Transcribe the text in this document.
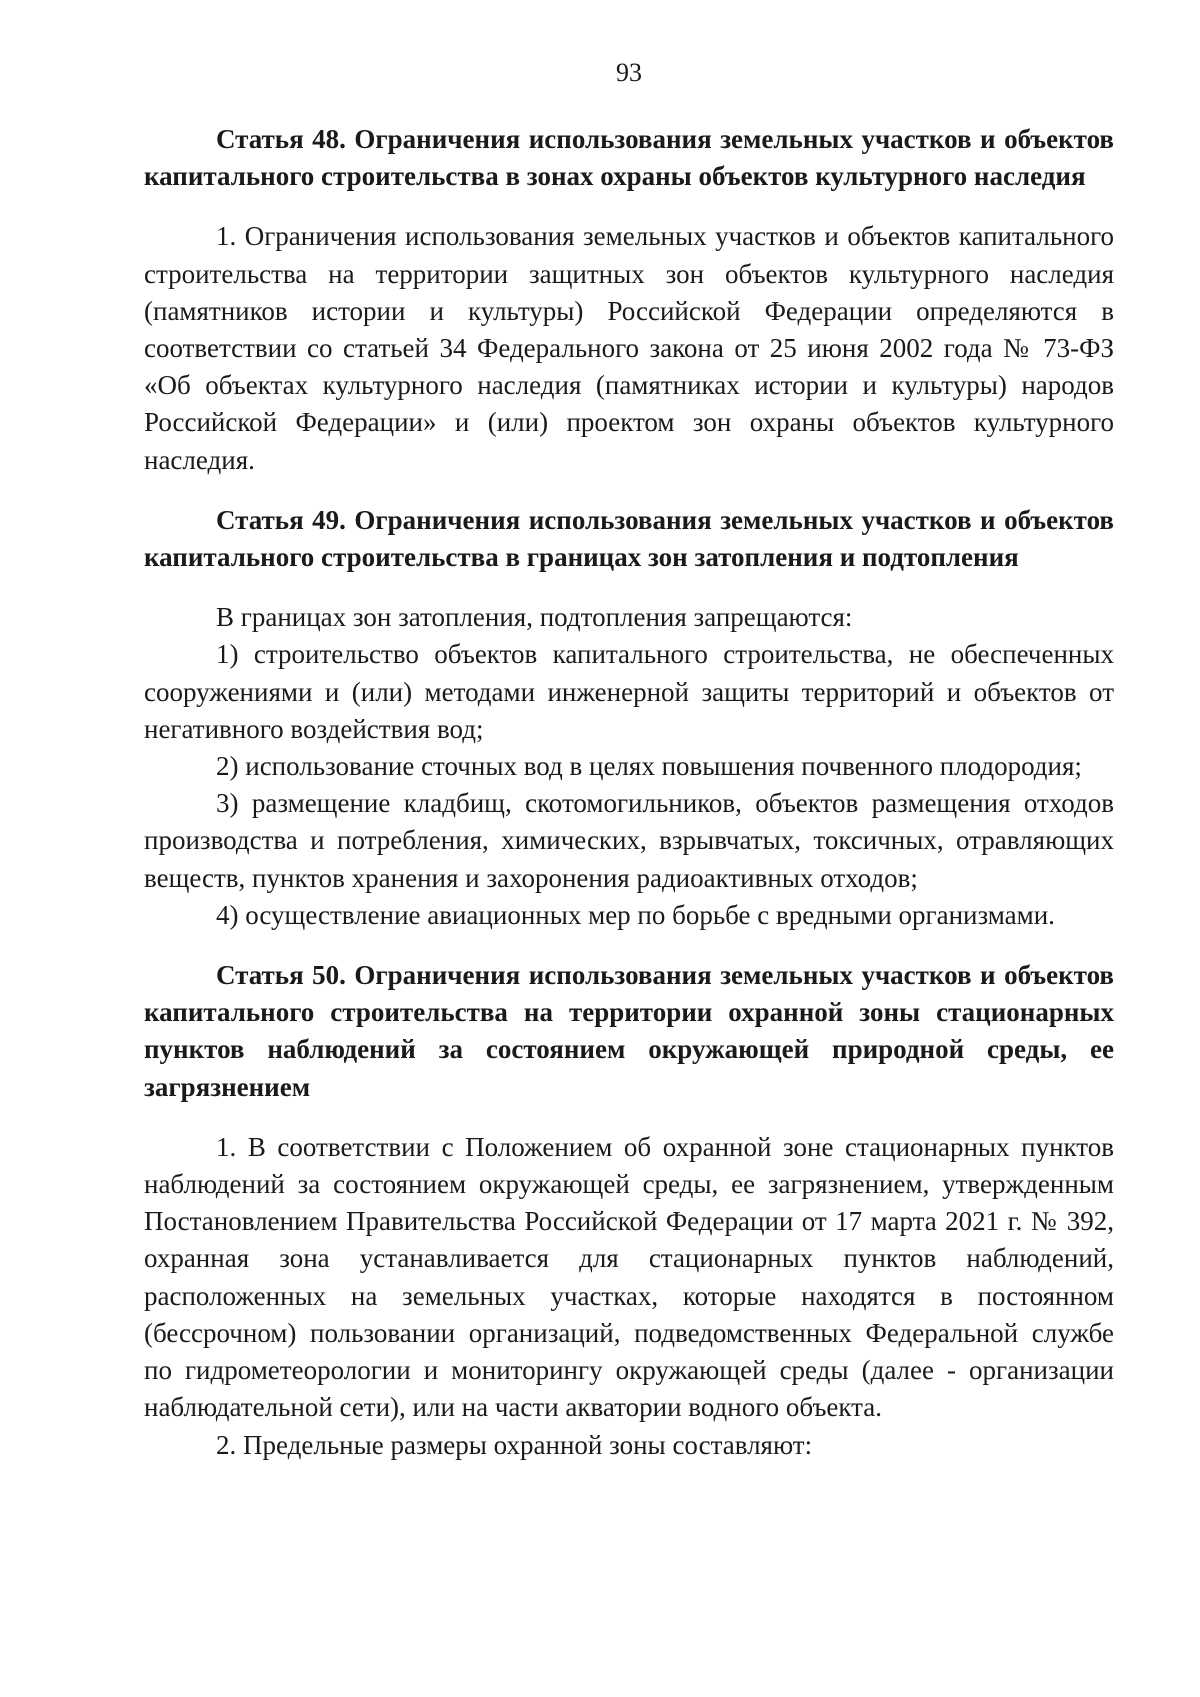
93

Статья 48. Ограничения использования земельных участков и объектов капитального строительства в зонах охраны объектов культурного наследия

1. Ограничения использования земельных участков и объектов капитального строительства на территории защитных зон объектов культурного наследия (памятников истории и культуры) Российской Федерации определяются в соответствии со статьей 34 Федерального закона от 25 июня 2002 года № 73-ФЗ «Об объектах культурного наследия (памятниках истории и культуры) народов Российской Федерации» и (или) проектом зон охраны объектов культурного наследия.

Статья 49. Ограничения использования земельных участков и объектов капитального строительства в границах зон затопления и подтопления

В границах зон затопления, подтопления запрещаются:

1) строительство объектов капитального строительства, не обеспеченных сооружениями и (или) методами инженерной защиты территорий и объектов от негативного воздействия вод;

2) использование сточных вод в целях повышения почвенного плодородия;

3) размещение кладбищ, скотомогильников, объектов размещения отходов производства и потребления, химических, взрывчатых, токсичных, отравляющих веществ, пунктов хранения и захоронения радиоактивных отходов;

4) осуществление авиационных мер по борьбе с вредными организмами.

Статья 50. Ограничения использования земельных участков и объектов капитального строительства на территории охранной зоны стационарных пунктов наблюдений за состоянием окружающей природной среды, ее загрязнением

1. В соответствии с Положением об охранной зоне стационарных пунктов наблюдений за состоянием окружающей среды, ее загрязнением, утвержденным Постановлением Правительства Российской Федерации от 17 марта 2021 г. № 392, охранная зона устанавливается для стационарных пунктов наблюдений, расположенных на земельных участках, которые находятся в постоянном (бессрочном) пользовании организаций, подведомственных Федеральной службе по гидрометеорологии и мониторингу окружающей среды (далее - организации наблюдательной сети), или на части акватории водного объекта.

2. Предельные размеры охранной зоны составляют:
